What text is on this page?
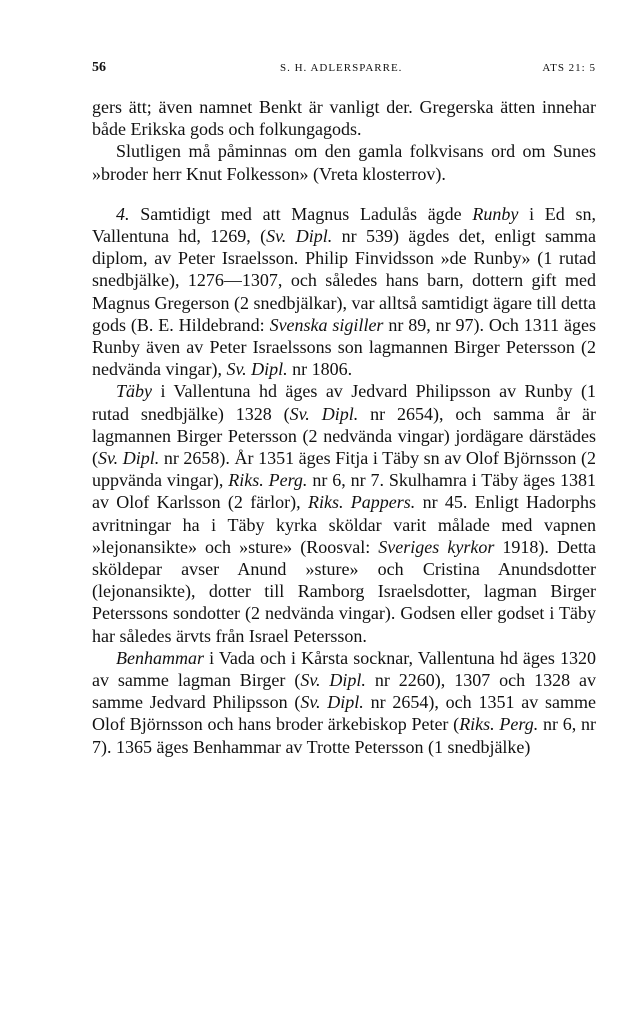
56	S. H. ADLERSPARRE.	ATS 21: 5

gers ätt; även namnet Benkt är vanligt der. Gregerska ätten innehar både Erikska gods och folkungagods.

Slutligen må påminnas om den gamla folkvisans ord om Sunes »broder herr Knut Folkesson» (Vreta klosterrov).

4. Samtidigt med att Magnus Ladulås ägde Runby i Ed sn, Vallentuna hd, 1269, (Sv. Dipl. nr 539) ägdes det, enligt samma diplom, av Peter Israelsson. Philip Finvidsson »de Runby» (1 rutad snedbjälke), 1276—1307, och således hans barn, dottern gift med Magnus Gregerson (2 snedbjälkar), var alltså samtidigt ägare till detta gods (B. E. Hildebrand: Svenska sigiller nr 89, nr 97). Och 1311 äges Runby även av Peter Israelssons son lagmannen Birger Petersson (2 nedvända vingar), Sv. Dipl. nr 1806.

Täby i Vallentuna hd äges av Jedvard Philipsson av Runby (1 rutad snedbjälke) 1328 (Sv. Dipl. nr 2654), och samma år är lagmannen Birger Petersson (2 nedvända vingar) jordägare därstädes (Sv. Dipl. nr 2658). År 1351 äges Fitja i Täby sn av Olof Björnsson (2 uppvända vingar), Riks. Perg. nr 6, nr 7. Skulhamra i Täby äges 1381 av Olof Karlsson (2 färlor), Riks. Pappers. nr 45. Enligt Hadorphs avritningar ha i Täby kyrka sköldar varit målade med vapnen »lejonansikte» och »sture» (Roosval: Sveriges kyrkor 1918). Detta sköldepar avser Anund »sture» och Cristina Anundsdotter (lejonansikte), dotter till Ramborg Israelsdotter, lagman Birger Peterssons sondotter (2 nedvända vingar). Godsen eller godset i Täby har således ärvts från Israel Petersson.

Benhammar i Vada och i Kårsta socknar, Vallentuna hd äges 1320 av samme lagman Birger (Sv. Dipl. nr 2260), 1307 och 1328 av samme Jedvard Philipsson (Sv. Dipl. nr 2654), och 1351 av samme Olof Björnsson och hans broder ärkebiskop Peter (Riks. Perg. nr 6, nr 7). 1365 äges Benhammar av Trotte Petersson (1 snedbjälke)
